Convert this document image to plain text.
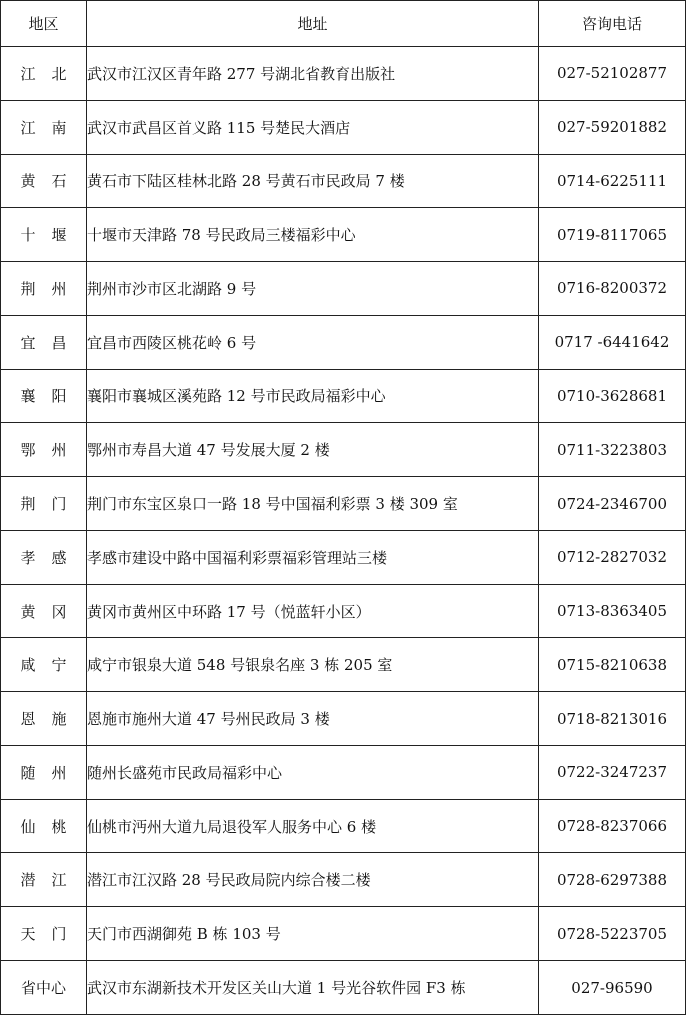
地区	地址	咨询电话
江北	武汉市江汉区青年路 277 号湖北省教育出版社	027-52102877
江南	武汉市武昌区首义路 115 号楚民大酒店	027-59201882
黄石	黄石市下陆区桂林北路 28 号黄石市民政局 7 楼	0714-6225111
十堰	十堰市天津路 78 号民政局三楼福彩中心	0719-8117065
荆州	荆州市沙市区北湖路 9 号	0716-8200372
宜昌	宜昌市西陵区桃花岭 6 号	0717 -6441642
襄阳	襄阳市襄城区溪苑路 12 号市民政局福彩中心	0710-3628681
鄂州	鄂州市寿昌大道 47 号发展大厦 2 楼	0711-3223803
荆门	荆门市东宝区泉口一路 18 号中国福利彩票 3 楼 309 室	0724-2346700
孝感	孝感市建设中路中国福利彩票福彩管理站三楼	0712-2827032
黄冈	黄冈市黄州区中环路 17 号（悦蓝轩小区）	0713-8363405
咸宁	咸宁市银泉大道 548 号银泉名座 3 栋 205 室	0715-8210638
恩施	恩施市施州大道 47 号州民政局 3 楼	0718-8213016
随州	随州长盛苑市民政局福彩中心	0722-3247237
仙桃	仙桃市沔州大道九局退役军人服务中心 6 楼	0728-8237066
潜江	潜江市江汉路 28 号民政局院内综合楼二楼	0728-6297388
天门	天门市西湖御苑 B 栋 103 号	0728-5223705
省中心	武汉市东湖新技术开发区关山大道 1 号光谷软件园 F3 栋	027-96590
